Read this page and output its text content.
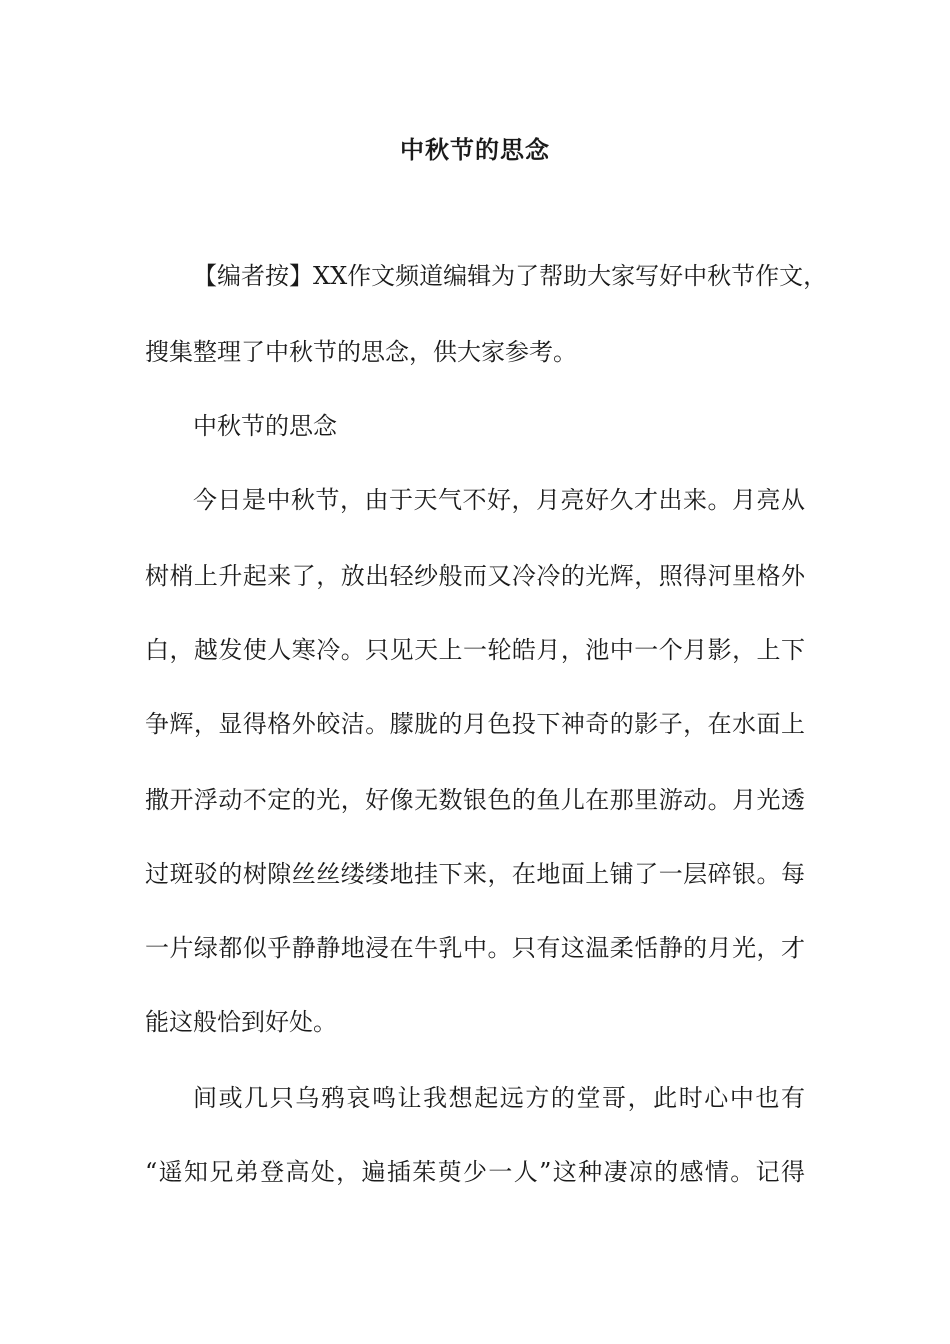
中秋节的思念
【编者按】XX作文频道编辑为了帮助大家写好中秋节作文，
搜集整理了中秋节的思念，供大家参考。
中秋节的思念
今日是中秋节，由于天气不好，月亮好久才出来。月亮从
树梢上升起来了，放出轻纱般而又冷冷的光辉，照得河里格外
白，越发使人寒冷。只见天上一轮皓月，池中一个月影，上下
争辉，显得格外皎洁。朦胧的月色投下神奇的影子，在水面上
撒开浮动不定的光，好像无数银色的鱼儿在那里游动。月光透
过斑驳的树隙丝丝缕缕地挂下来，在地面上铺了一层碎银。每
一片绿都似乎静静地浸在牛乳中。只有这温柔恬静的月光，才
能这般恰到好处。
间或几只乌鸦哀鸣让我想起远方的堂哥，此时心中也有
“遥知兄弟登高处，遍插茱萸少一人”这种凄凉的感情。记得
